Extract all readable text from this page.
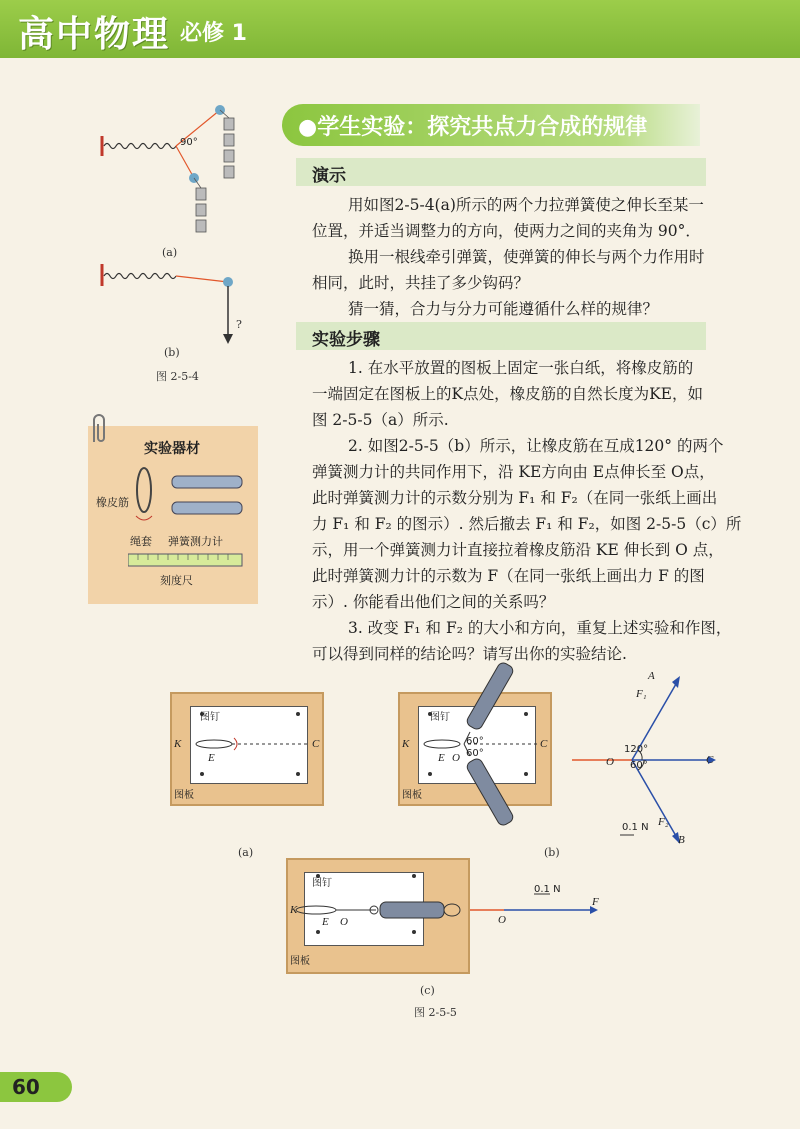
高中物理 必修 1
●学生实验：探究共点力合成的规律
演示
用如图2-5-4(a)所示的两个力拉弹簧使之伸长至某一
位置，并适当调整力的方向，使两力之间的夹角为 90°．
换用一根线牵引弹簧，使弹簧的伸长与两个力作用时
相同，此时，共挂了多少钩码？
猜一猜，合力与分力可能遵循什么样的规律？
实验步骤
1. 在水平放置的图板上固定一张白纸，将橡皮筋的
一端固定在图板上的K点处，橡皮筋的自然长度为KE，如
图 2-5-5（a）所示.
2. 如图2-5-5（b）所示，让橡皮筋在互成120° 的两个
弹簧测力计的共同作用下，沿 KE方向由 E点伸长至 O点，
此时弹簧测力计的示数分别为 F₁ 和 F₂（在同一张纸上画出
力 F₁ 和 F₂ 的图示）. 然后撤去 F₁ 和 F₂，如图 2-5-5（c）所
示，用一个弹簧测力计直接拉着橡皮筋沿 KE 伸长到 O 点，
此时弹簧测力计的示数为 F（在同一张纸上画出力 F 的图
示）. 你能看出他们之间的关系吗？
3. 改变 F₁ 和 F₂ 的大小和方向，重复上述实验和作图，
可以得到同样的结论吗？请写出你的实验结论.
90°
(a)
?
(b)
图 2-5-4
实验器材
橡皮筋
绳套 弹簧测力计
刻度尺
图钉
K
E
C
图板
(a)
图钉
K
E O
C
60°
60°
图板
(b)
F₁
A
120°
60°
O	C
0.1 N F₂
B
图钉
K
E O
图板
0.1 N
O
F
(c)
图 2-5-5
60
